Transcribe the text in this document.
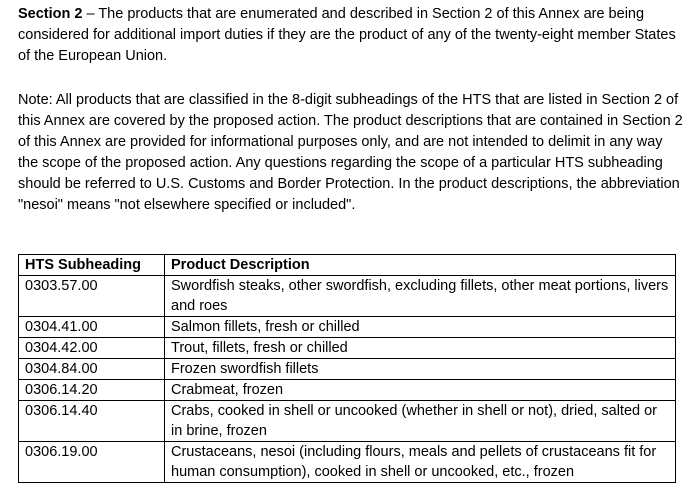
Section 2 – The products that are enumerated and described in Section 2 of this Annex are being considered for additional import duties if they are the product of any of the twenty-eight member States of the European Union.

Note: All products that are classified in the 8-digit subheadings of the HTS that are listed in Section 2 of this Annex are covered by the proposed action. The product descriptions that are contained in Section 2 of this Annex are provided for informational purposes only, and are not intended to delimit in any way the scope of the proposed action. Any questions regarding the scope of a particular HTS subheading should be referred to U.S. Customs and Border Protection. In the product descriptions, the abbreviation "nesoi" means "not elsewhere specified or included".

HTS Subheading	Product Description
0303.57.00	Swordfish steaks, other swordfish, excluding fillets, other meat portions, livers and roes
0304.41.00	Salmon fillets, fresh or chilled
0304.42.00	Trout, fillets, fresh or chilled
0304.84.00	Frozen swordfish fillets
0306.14.20	Crabmeat, frozen
0306.14.40	Crabs, cooked in shell or uncooked (whether in shell or not), dried, salted or in brine, frozen
0306.19.00	Crustaceans, nesoi (including flours, meals and pellets of crustaceans fit for human consumption), cooked in shell or uncooked, etc., frozen
